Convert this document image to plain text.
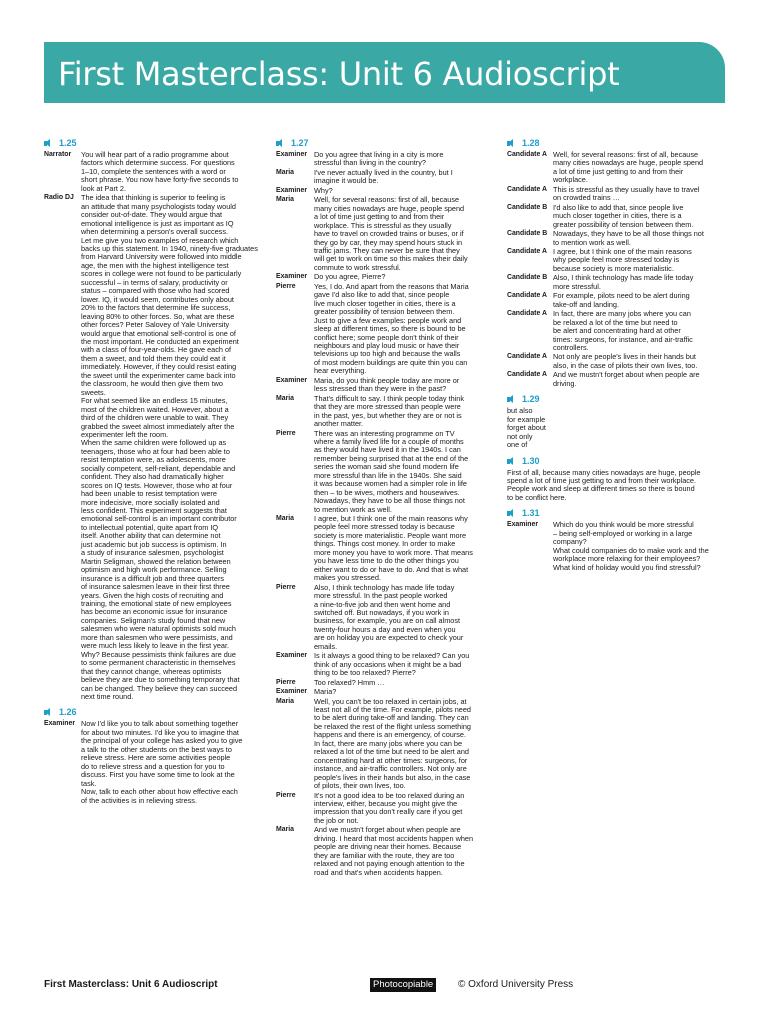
First Masterclass: Unit 6 Audioscript
1.25
Narrator	You will hear part of a radio programme about
factors which determine success. For questions
1–10, complete the sentences with a word or
short phrase. You now have forty-five seconds to
look at Part 2.
Radio DJ The idea that thinking is superior to feeling is
an attitude that many psychologists today would
consider out-of-date. They would argue that
emotional intelligence is just as important as IQ
when determining a person's overall success.
Let me give you two examples of research which
backs up this statement. In 1940, ninety-five graduates
from Harvard University were followed into middle
age, the men with the highest intelligence test
scores in college were not found to be particularly
successful – in terms of salary, productivity or
status – compared with those who had scored
lower. IQ, it would seem, contributes only about
20% to the factors that determine life success,
leaving 80% to other forces. So, what are these
other forces? Peter Salovey of Yale University
would argue that emotional self-control is one of
the most important. He conducted an experiment
with a class of four-year-olds. He gave each of
them a sweet, and told them they could eat it
immediately. However, if they could resist eating
the sweet until the experimenter came back into
the classroom, he would then give them two
sweets.
For what seemed like an endless 15 minutes,
most of the children waited. However, about a
third of the children were unable to wait. They
grabbed the sweet almost immediately after the
experimenter left the room.
When the same children were followed up as
teenagers, those who at four had been able to
resist temptation were, as adolescents, more
socially competent, self-reliant, dependable and
confident. They also had dramatically higher
scores on IQ tests. However, those who at four
had been unable to resist temptation were
more indecisive, more socially isolated and
less confident. This experiment suggests that
emotional self-control is an important contributor
to intellectual potential, quite apart from IQ
itself. Another ability that can determine not
just academic but job success is optimism. In
a study of insurance salesmen, psychologist
Martin Seligman, showed the relation between
optimism and high work performance. Selling
insurance is a difficult job and three quarters
of insurance salesmen leave in their first three
years. Given the high costs of recruiting and
training, the emotional state of new employees
has become an economic issue for insurance
companies. Seligman's study found that new
salesmen who were natural optimists sold much
more than salesmen who were pessimists, and
were much less likely to leave in the first year.
Why? Because pessimists think failures are due
to some permanent characteristic in themselves
that they cannot change, whereas optimists
believe they are due to something temporary that
can be changed. They believe they can succeed
next time round.
1.26
Examiner Now I'd like you to talk about something together
for about two minutes. I'd like you to imagine that
the principal of your college has asked you to give
a talk to the other students on the best ways to
relieve stress. Here are some activities people
do to relieve stress and a question for you to
discuss. First you have some time to look at the
task.
Now, talk to each other about how effective each
of the activities is in relieving stress.
1.27
Examiner Do you agree that living in a city is more
stressful than living in the country?
Maria	I've never actually lived in the country, but I
imagine it would be.
Examiner Why?
Maria	Well, for several reasons: first of all, because
many cities nowadays are huge, people spend
a lot of time just getting to and from their
workplace. This is stressful as they usually
have to travel on crowded trains or buses, or if
they go by car, they may spend hours stuck in
traffic jams. They can never be sure that they
will get to work on time so this makes their daily
commute to work stressful.
Examiner Do you agree, Pierre?
Pierre	Yes, I do. And apart from the reasons that Maria
gave I'd also like to add that, since people
live much closer together in cities, there is a
greater possibility of tension between them.
Just to give a few examples: people work and
sleep at different times, so there is bound to be
conflict here; some people don't think of their
neighbours and play loud music or have their
televisions up too high and because the walls
of most modern buildings are quite thin you can
hear everything.
Examiner Maria, do you think people today are more or
less stressed than they were in the past?
Maria	That's difficult to say. I think people today think
that they are more stressed than people were
in the past, yes, but whether they are or not is
another matter.
Pierre	There was an interesting programme on TV
where a family lived life for a couple of months
as they would have lived it in the 1940s. I can
remember being surprised that at the end of the
series the woman said she found modern life
more stressful than life in the 1940s. She said
it was because women had a simpler role in life
then – to be wives, mothers and housewives.
Nowadays, they have to be all those things not
to mention work as well.
Maria	I agree, but I think one of the main reasons why
people feel more stressed today is because
society is more materialistic. People want more
things. Things cost money. In order to make
more money you have to work more. That means
you have less time to do the other things you
either want to do or have to do. And that is what
makes you stressed.
Pierre	Also, I think technology has made life today
more stressful. In the past people worked
a nine-to-five job and then went home and
switched off. But nowadays, if you work in
business, for example, you are on call almost
twenty-four hours a day and even when you
are on holiday you are expected to check your
emails.
Examiner Is it always a good thing to be relaxed? Can you
think of any occasions when it might be a bad
thing to be too relaxed? Pierre?
Pierre	Too relaxed? Hmm …
Examiner Maria?
Maria	Well, you can't be too relaxed in certain jobs, at
least not all of the time. For example, pilots need
to be alert during take-off and landing. They can
be relaxed the rest of the flight unless something
happens and there is an emergency, of course.
In fact, there are many jobs where you can be
relaxed a lot of the time but need to be alert and
concentrating hard at other times: surgeons, for
instance, and air-traffic controllers. Not only are
people's lives in their hands but also, in the case
of pilots, their own lives, too.
Pierre	It's not a good idea to be too relaxed during an
interview, either, because you might give the
impression that you don't really care if you get
the job or not.
Maria	And we mustn't forget about when people are
driving. I heard that most accidents happen when
people are driving near their homes. Because
they are familiar with the route, they are too
relaxed and not paying enough attention to the
road and that's when accidents happen.
1.28
Candidate A Well, for several reasons: first of all, because
many cities nowadays are huge, people spend
a lot of time just getting to and from their
workplace.
Candidate A This is stressful as they usually have to travel
on crowded trains …
Candidate B I'd also like to add that, since people live
much closer together in cities, there is a
greater possibility of tension between them.
Candidate B Nowadays, they have to be all those things not
to mention work as well.
Candidate A I agree, but I think one of the main reasons
why people feel more stressed today is
because society is more materialistic.
Candidate B Also, I think technology has made life today
more stressful.
Candidate A For example, pilots need to be alert during
take-off and landing.
Candidate A In fact, there are many jobs where you can
be relaxed a lot of the time but need to
be alert and concentrating hard at other
times: surgeons, for instance, and air-traffic
controllers.
Candidate A Not only are people's lives in their hands but
also, in the case of pilots their own lives, too.
Candidate A And we mustn't forget about when people are
driving.
1.29
but also
for example
forget about
not only
one of
1.30
First of all, because many cities nowadays are huge, people
spend a lot of time just getting to and from their workplace.
People work and sleep at different times so there is bound
to be conflict here.
1.31
Examiner	Which do you think would be more stressful
– being self-employed or working in a large
company?
What could companies do to make work and the
workplace more relaxing for their employees?
What kind of holiday would you find stressful?
First Masterclass: Unit 6 Audioscript	Photocopiable	© Oxford University Press
